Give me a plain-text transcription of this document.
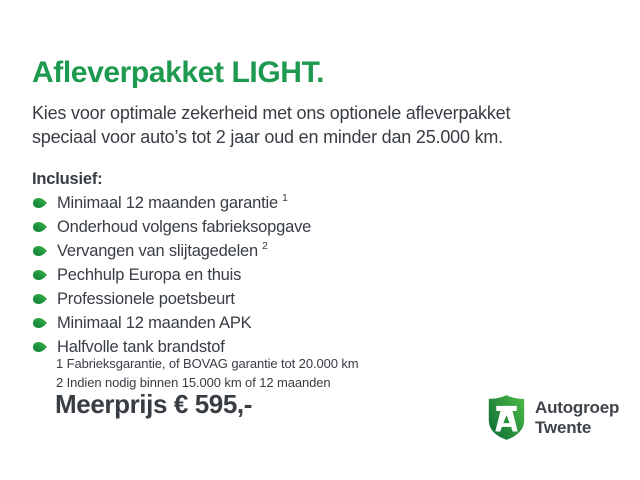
Afleverpakket LIGHT.
Kies voor optimale zekerheid met ons optionele afleverpakket
speciaal voor auto’s tot 2 jaar oud en minder dan 25.000 km.
Inclusief:
Minimaal 12 maanden garantie $^1$
Onderhoud volgens fabrieksopgave
Vervangen van slijtagedelen $^2$
Pechhulp Europa en thuis
Professionele poetsbeurt
Minimaal 12 maanden APK
Halfvolle tank brandstof
1 Fabrieksgarantie, of BOVAG garantie tot 20.000 km
2 Indien nodig binnen 15.000 km of 12 maanden
Meerprijs € 595,-	Autogroep
Twente
